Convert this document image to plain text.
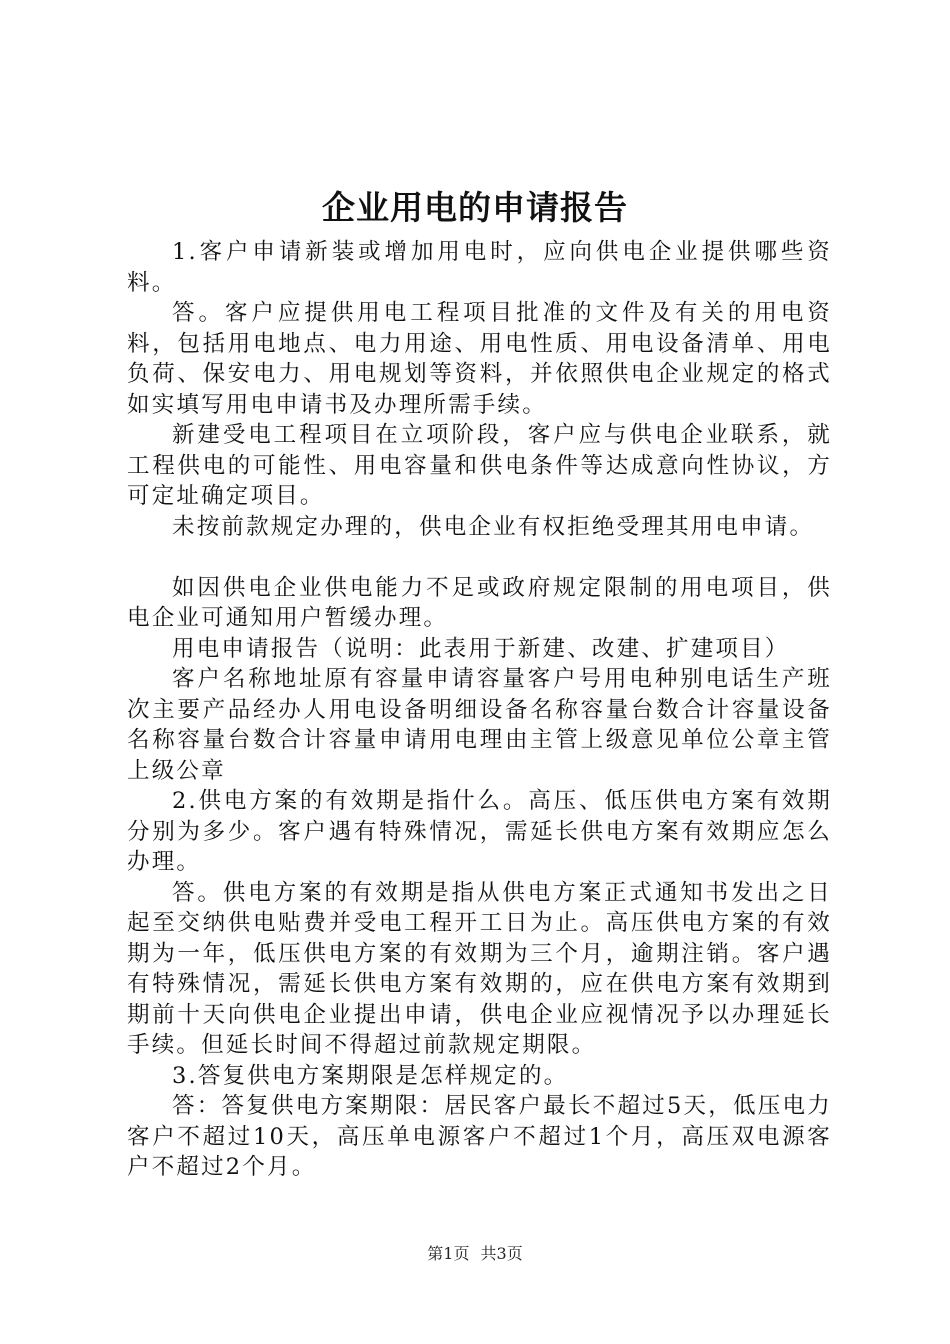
企业用电的申请报告

1.客户申请新装或增加用电时，应向供电企业提供哪些资料。

答。客户应提供用电工程项目批准的文件及有关的用电资料，包括用电地点、电力用途、用电性质、用电设备清单、用电负荷、保安电力、用电规划等资料，并依照供电企业规定的格式如实填写用电申请书及办理所需手续。

新建受电工程项目在立项阶段，客户应与供电企业联系，就工程供电的可能性、用电容量和供电条件等达成意向性协议，方可定址确定项目。

未按前款规定办理的，供电企业有权拒绝受理其用电申请。

如因供电企业供电能力不足或政府规定限制的用电项目，供电企业可通知用户暂缓办理。

用电申请报告（说明：此表用于新建、改建、扩建项目）

客户名称地址原有容量申请容量客户号用电种别电话生产班次主要产品经办人用电设备明细设备名称容量台数合计容量设备名称容量台数合计容量申请用电理由主管上级意见单位公章主管上级公章

2.供电方案的有效期是指什么。高压、低压供电方案有效期分别为多少。客户遇有特殊情况，需延长供电方案有效期应怎么办理。

答。供电方案的有效期是指从供电方案正式通知书发出之日起至交纳供电贴费并受电工程开工日为止。高压供电方案的有效期为一年，低压供电方案的有效期为三个月，逾期注销。客户遇有特殊情况，需延长供电方案有效期的，应在供电方案有效期到期前十天向供电企业提出申请，供电企业应视情况予以办理延长手续。但延长时间不得超过前款规定期限。

3.答复供电方案期限是怎样规定的。

答：答复供电方案期限：居民客户最长不超过5天，低压电力客户不超过10天，高压单电源客户不超过1个月，高压双电源客户不超过2个月。

第1页 共3页
